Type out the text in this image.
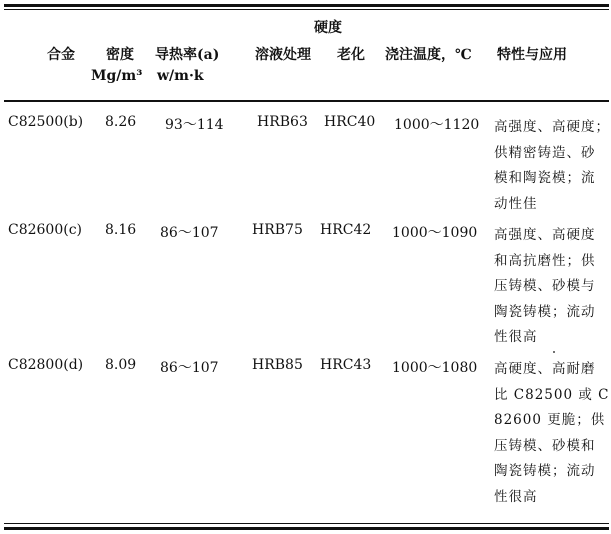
硬度
合金 密度
Mg/m³
导热率(a)
w/m·k
溶液处理 老化 浇注温度，℃ 特性与应用
C82500(b) 8.26 93～114 HRB63 HRC40 1000～1120 高强度、高硬度；
供精密铸造、砂
模和陶瓷模；流
动性佳
C82600(c) 8.16 86～107 HRB75 HRC42 1000～1090 高强度、高硬度
和高抗磨性；供
压铸模、砂模与
陶瓷铸模；流动
性很高
C82800(d) 8.09 86～107 HRB85 HRC43 1000～1080 高硬度、高耐磨
比 C82500 或 C
82600 更脆；供
压铸模、砂模和
陶瓷铸模；流动
性很高
